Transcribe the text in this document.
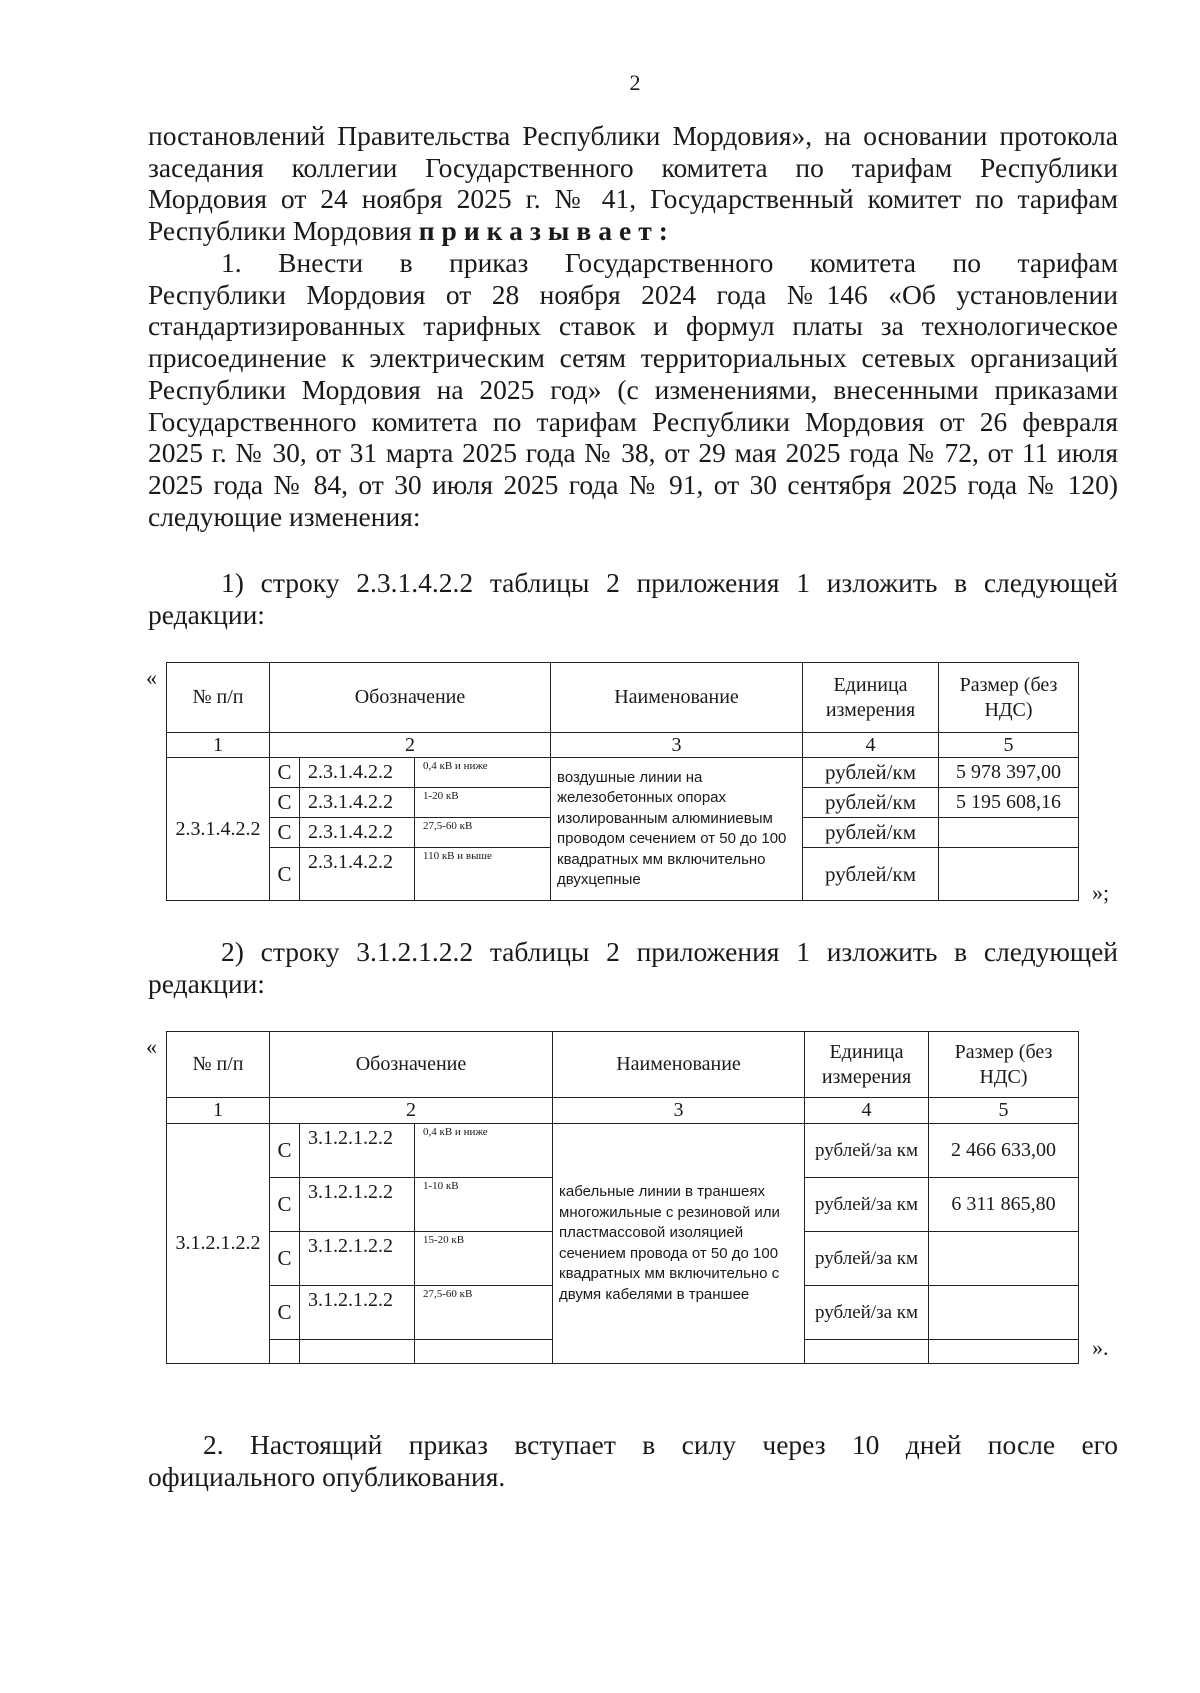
2
постановлений Правительства Республики Мордовия», на основании протокола
заседания коллегии Государственного комитета по тарифам Республики
Мордовия от 24 ноября 2025 г. № 41, Государственный комитет по тарифам
Республики Мордовия приказывает:
1. Внести в приказ Государственного комитета по тарифам
Республики Мордовия от 28 ноября 2024 года №146 «Об установлении
стандартизированных тарифных ставок и формул платы за технологическое
присоединение к электрическим сетям территориальных сетевых организаций
Республики Мордовия на 2025 год» (с изменениями, внесенными приказами
Государственного комитета по тарифам Республики Мордовия от 26 февраля
2025 г. № 30, от 31 марта 2025 года № 38, от 29 мая 2025 года № 72, от 11 июля
2025 года № 84, от 30 июля 2025 года № 91, от 30 сентября 2025 года № 120)
следующие изменения:
1) строку 2.3.1.4.2.2 таблицы 2 приложения 1 изложить в следующей
редакции:
«
№ п/п	Обозначение			Наименование	Единица измерения	Размер (без НДС)
1	2			3	4	5
2.3.1.4.2.2	С	2.3.1.4.2.2	0,4 кВ и ниже	воздушные линии на железобетонных опорах изолированным алюминиевым проводом сечением от 50 до 100 квадратных мм включительно двухцепные	рублей/км	5 978 397,00
	С	2.3.1.4.2.2	1-20 кВ		рублей/км	5 195 608,16
	С	2.3.1.4.2.2	27,5-60 кВ		рублей/км	
	С	2.3.1.4.2.2	110 кВ и выше		рублей/км	
»;
2) строку 3.1.2.1.2.2 таблицы 2 приложения 1 изложить в следующей
редакции:
«
№ п/п	Обозначение			Наименование	Единица измерения	Размер (без НДС)
1	2			3	4	5
3.1.2.1.2.2	С	3.1.2.1.2.2	0,4 кВ и ниже	кабельные линии в траншеях многожильные с резиновой или пластмассовой изоляцией сечением провода от 50 до 100 квадратных мм включительно с двумя кабелями в траншее	рублей/за км	2 466 633,00
	С	3.1.2.1.2.2	1-10 кВ		рублей/за км	6 311 865,80
	С	3.1.2.1.2.2	15-20 кВ		рублей/за км	
	С	3.1.2.1.2.2	27,5-60 кВ		рублей/за км	

».
2. Настоящий приказ вступает в силу через 10 дней после его
официального опубликования.
